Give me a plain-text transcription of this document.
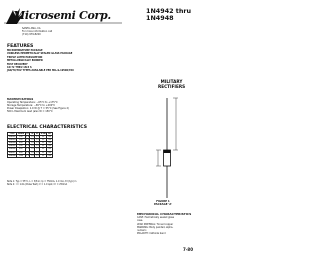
Microsemi Corp.
SANTA ANA, CA
For more information call
(714) 979-8220
1N4942 thru
1N4948
FEATURES
MICROMINIATURE PACKAGE
VOIDLESS HERMETICALLY SEALED GLASS PACKAGE
TRIPLE LAYER PASSIVATION
METALLURGICALLY BONDED
FAST RECOVERY
1N 72 THRU 1N 8 S
JAN/TX/TXV TYPES AVAILABLE PER MIL-S-19500/359
MILITARY
RECTIFIERS
MAXIMUM RATINGS
Operating Temperature: −65°C to +175°C
Storage Temperature: −65°C to +200°C
Power Dissipation: 1.0 W @ T = 55°C (See Figure 2)
500 L Maximum lead (also W = 150°C
ELECTRICAL CHARACTERISTICS
TYPE	VRWM	IO	IR	VF	IFSM	trr
1N4942	200	1.0	1.0	1.3	25	150
1N4943	300	1.0	1.0	1.3	25	150
1N4944	400	1.0	1.0	1.3	25	150
1N4945	500	1.0	1.0	1.3	25	250
1N4946	600	1.0	1.0	1.3	25	250
1N4947	800	1.0	1.0	1.3	25	500
1N4948	1000	1.0	1.0	1.3	25	500
Note 1: Typ = 55°C, L = 3/8 in; Ip = 750mA, 1.0 mA, trr (typ) in
Note 2: I = 1.0A (Pulse Test); Ir = 1.0 Apk; Irr = 250mA
FIGURE 1
PACKAGE 'A'
MECHANICAL CHARACTERISTICS
CASE: Hermetically sealed glass
case.
LEAD MATERIAL: Tinned copper
MARKING: Body painted, alpha-
numeric.
POLARITY: Cathode band
7-80
